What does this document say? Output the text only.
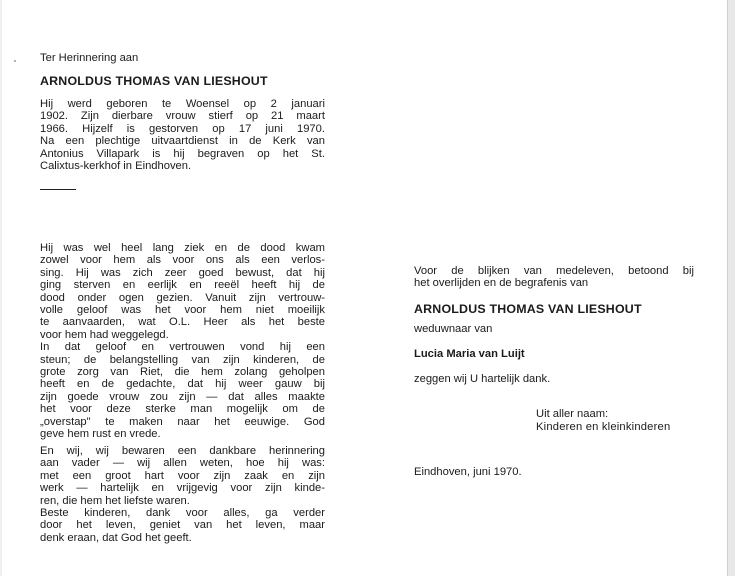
Ter Herinnering aan
ARNOLDUS THOMAS VAN LIESHOUT
Hij werd geboren te Woensel op 2 januari
1902. Zijn dierbare vrouw stierf op 21 maart
1966. Hijzelf is gestorven op 17 juni 1970.
Na een plechtige uitvaartdienst in de Kerk van
Antonius Villapark is hij begraven op het St.
Calixtus-kerkhof in Eindhoven.
Hij was wel heel lang ziek en de dood kwam
zowel voor hem als voor ons als een verlos-
sing. Hij was zich zeer goed bewust, dat hij
ging sterven en eerlijk en reeël heeft hij de
dood onder ogen gezien. Vanuit zijn vertrouw-
volle geloof was het voor hem niet moeilijk
te aanvaarden, wat O.L. Heer als het beste
voor hem had weggelegd.
In dat geloof en vertrouwen vond hij een
steun; de belangstelling van zijn kinderen, de
grote zorg van Riet, die hem zolang geholpen
heeft en de gedachte, dat hij weer gauw bij
zijn goede vrouw zou zijn — dat alles maakte
het voor deze sterke man mogelijk om de
„overstap" te maken naar het eeuwige. God
geve hem rust en vrede.
En wij, wij bewaren een dankbare herinnering
aan vader — wij allen weten, hoe hij was:
met een groot hart voor zijn zaak en zijn
werk — hartelijk en vrijgevig voor zijn kinde-
ren, die hem het liefste waren.
Beste kinderen, dank voor alles, ga verder
door het leven, geniet van het leven, maar
denk eraan, dat God het geeft.
Voor de blijken van medeleven, betoond bij
het overlijden en de begrafenis van
ARNOLDUS THOMAS VAN LIESHOUT
weduwnaar van
Lucia Maria van Luijt
zeggen wij U hartelijk dank.
Uit aller naam:
Kinderen en kleinkinderen
Eindhoven, juni 1970.
